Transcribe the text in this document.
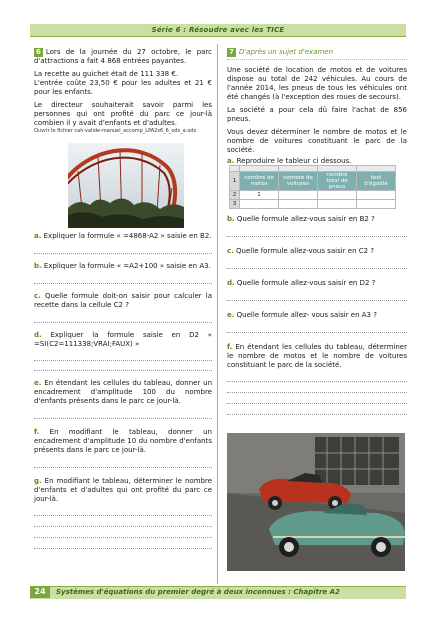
Série 6 : Résoudre avec les TICE
6 Lors de la journée du 27 octobre, le parc d'attractions a fait 4 868 entrées payantes.
La recette au guichet était de 111 338 €.
L'entrée coûte 23,50 € pour les adultes et 21 € pour les enfants.
Le directeur souhaiterait savoir parmi les personnes qui ont profité du parc ce jour-là combien il y avait d'enfants et d'adultes.
Ouvrir le fichier cah-valide-manuel_accomp_LPA2s6_6_ods_a.ods
a. Expliquer la formule « =4868-A2 » saisie en B2.
b. Expliquer la formule « =A2+100 » saisie en A3.
c. Quelle formule doit-on saisir pour calculer la recette dans la cellule C2 ?
d. Expliquer la formule saisie en D2 « =SI(C2=111338;VRAI;FAUX) »
e. En étendant les cellules du tableau, donner un encadrement d'amplitude 100 du nombre d'enfants présents dans le parc ce jour-là.
f. En modifiant le tableau, donner un encadrement d'amplitude 10 du nombre d'enfants présents dans le parc ce jour-là.
g. En modifiant le tableau, déterminer le nombre d'enfants et d'adultes qui ont profité du parc ce jour-là.
7 D'après un sujet d'examen
Une société de location de motos et de voitures dispose au total de 242 véhicules. Au cours de l'année 2014, les pneus de tous les véhicules ont été changés (à l'exception des roues de secours).
La société a pour cela dû faire l'achat de 856 pneus.
Vous devez déterminer le nombre de motos et le nombre de voitures constituant le parc de la société.
a. Reproduire le tableur ci dessous.

1	nombre de motos	nombre de voitures	nombre total de pneus	test d'égalité
2	1			
3				
b. Quelle formule allez-vous saisir en B2 ?
c. Quelle formule allez-vous saisir en C2 ?
d. Quelle formule allez-vous saisir en D2 ?
e. Quelle formule allez- vous saisir en A3 ?
f. En étendant les cellules du tableau, déterminer le nombre de motos et le nombre de voitures constituant le parc de la société.
24	Systèmes d'équations du premier degré à deux inconnues : Chapitre A2
